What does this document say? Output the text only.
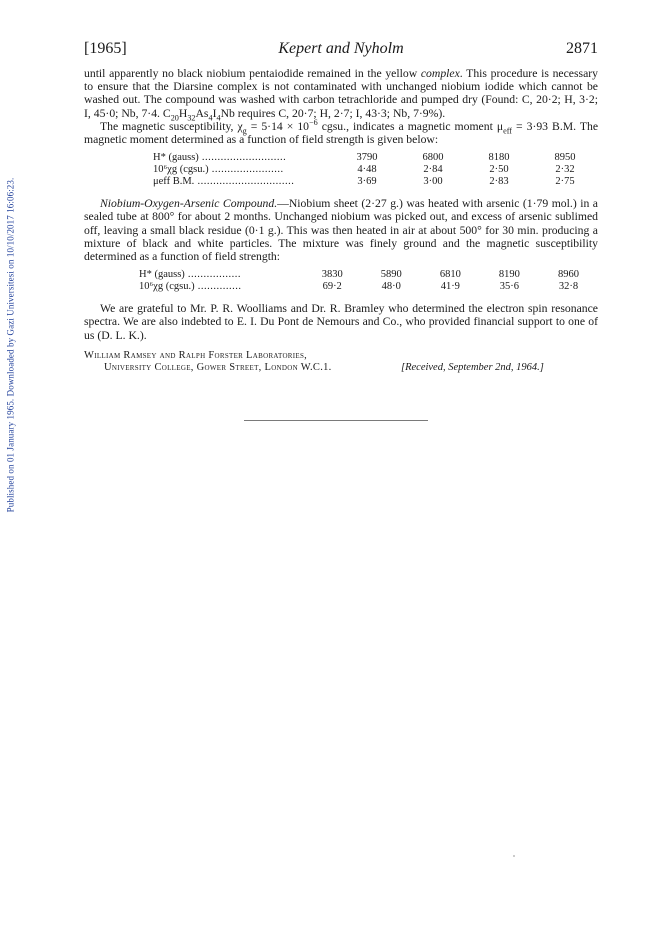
Published on 01 January 1965. Downloaded by Gazi Universitesi on 10/10/2017 16:06:23.
[1965]	Kepert and Nyholm	2871

until apparently no black niobium pentaiodide remained in the yellow complex. This procedure is necessary to ensure that the Diarsine complex is not contaminated with unchanged niobium iodide which cannot be washed out. The compound was washed with carbon tetrachloride and pumped dry (Found: C, 20·2; H, 3·2; I, 45·0; Nb, 7·4. $C_{20}H_{32}As_4I_4Nb$ requires C, 20·7; H, 2·7; I, 43·3; Nb, 7·9%).

The magnetic susceptibility, $\chi_g = 5\cdot 14 \times 10^{-6}$ cgsu., indicates a magnetic moment $\mu_{eff} = 3\cdot 93$ B.M. The magnetic moment determined as a function of field strength is given below:

H* (gauss) ...........................	3790	6800	8180	8950
10⁶χg (cgsu.) .......................	4·48	2·84	2·50	2·32
μeff B.M. ...............................	3·69	3·00	2·83	2·75

Niobium-Oxygen-Arsenic Compound.—Niobium sheet (2·27 g.) was heated with arsenic (1·79 mol.) in a sealed tube at 800° for about 2 months. Unchanged niobium was picked out, and excess of arsenic sublimed off, leaving a small black residue (0·1 g.). This was then heated in air at about 500° for 30 min. producing a mixture of black and white particles. The mixture was finely ground and the magnetic susceptibility determined as a function of field strength:

H* (gauss) .................	3830	5890	6810	8190	8960
10⁶χg (cgsu.) ..............	69·2	48·0	41·9	35·6	32·8

We are grateful to Mr. P. R. Woolliams and Dr. R. Bramley who determined the electron spin resonance spectra. We are also indebted to E. I. Du Pont de Nemours and Co., who provided financial support to one of us (D. L. K.).

William Ramsey and Ralph Forster Laboratories,
University College, Gower Street, London W.C.1.	[Received, September 2nd, 1964.]
